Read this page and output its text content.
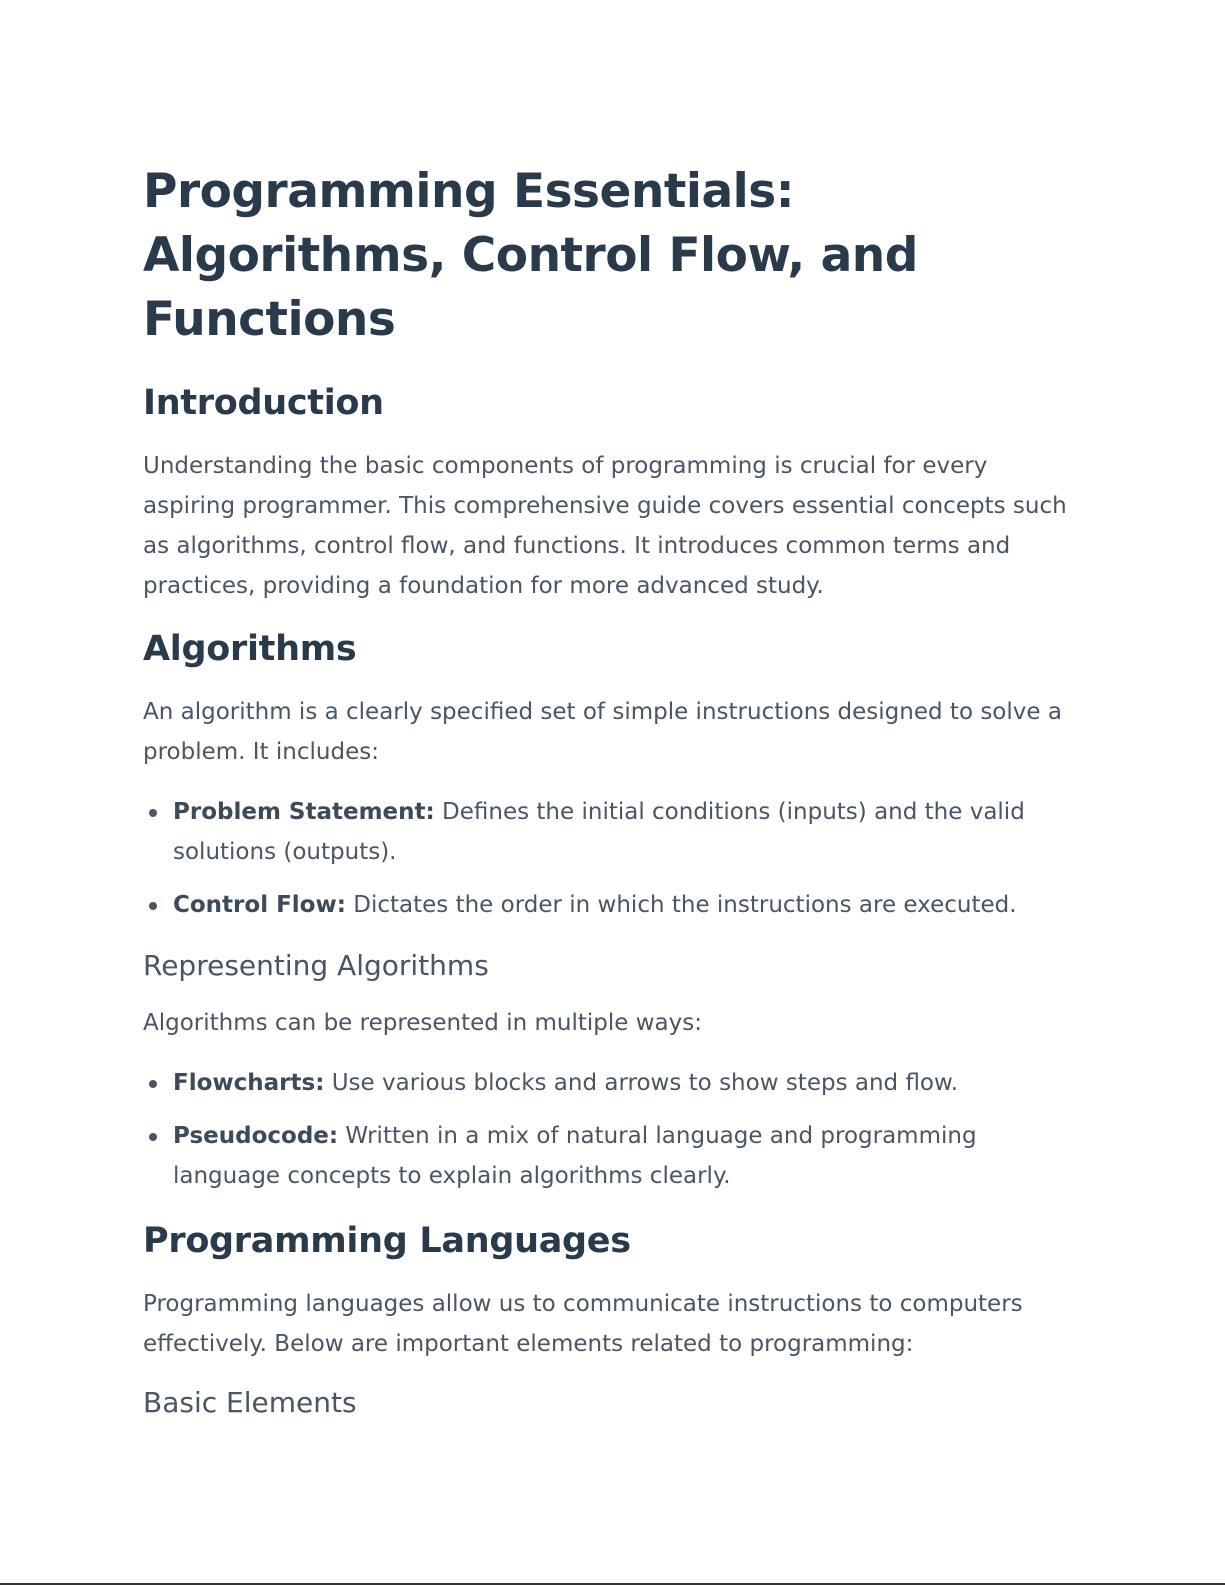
Programming Essentials: Algorithms, Control Flow, and Functions
Introduction

Understanding the basic components of programming is crucial for every aspiring programmer. This comprehensive guide covers essential concepts such as algorithms, control flow, and functions. It introduces common terms and practices, providing a foundation for more advanced study.

Algorithms

An algorithm is a clearly specified set of simple instructions designed to solve a problem. It includes:

Problem Statement: Defines the initial conditions (inputs) and the valid solutions (outputs).
Control Flow: Dictates the order in which the instructions are executed.
Representing Algorithms

Algorithms can be represented in multiple ways:

Flowcharts: Use various blocks and arrows to show steps and flow.
Pseudocode: Written in a mix of natural language and programming language concepts to explain algorithms clearly.
Programming Languages

Programming languages allow us to communicate instructions to computers effectively. Below are important elements related to programming:

Basic Elements
